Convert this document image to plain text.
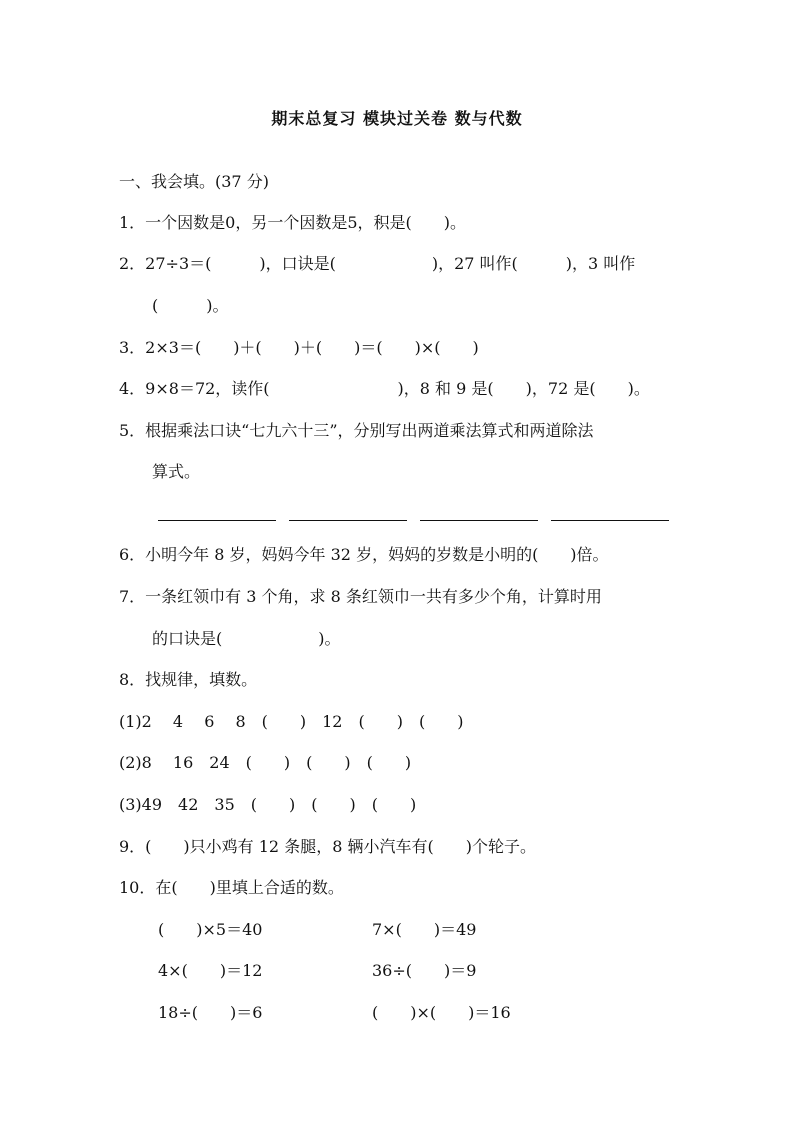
期末总复习 模块过关卷 数与代数
一、我会填。(37 分)
1．一个因数是0，另一个因数是5，积是(　　)。
2．27÷3＝(　　　)，口诀是(　　　　　　)，27 叫作(　　　)，3 叫作
(　　　)。
3．2×3＝(　　)＋(　　)＋(　　)＝(　　)×(　　)
4．9×8＝72，读作(　　　　　　　　)，8 和 9 是(　　)，72 是(　　)。
5．根据乘法口诀“七九六十三”，分别写出两道乘法算式和两道除法
算式。
6．小明今年 8 岁，妈妈今年 32 岁，妈妈的岁数是小明的(　　)倍。
7．一条红领巾有 3 个角，求 8 条红领巾一共有多少个角，计算时用
的口诀是(　　　　　　)。
8．找规律，填数。
(1)2　 4　 6　 8　(　　)　12　(　　)　(　　)
(2)8　 16　24　(　　)　(　　)　(　　)
(3)49　42　35　(　　)　(　　)　(　　)
9．(　　)只小鸡有 12 条腿，8 辆小汽车有(　　)个轮子。
10．在(　　)里填上合适的数。
(　　)×5＝40	7×(　　)＝49
4×(　　)＝12	36÷(　　)＝9
18÷(　　)＝6	(　　)×(　　)＝16
